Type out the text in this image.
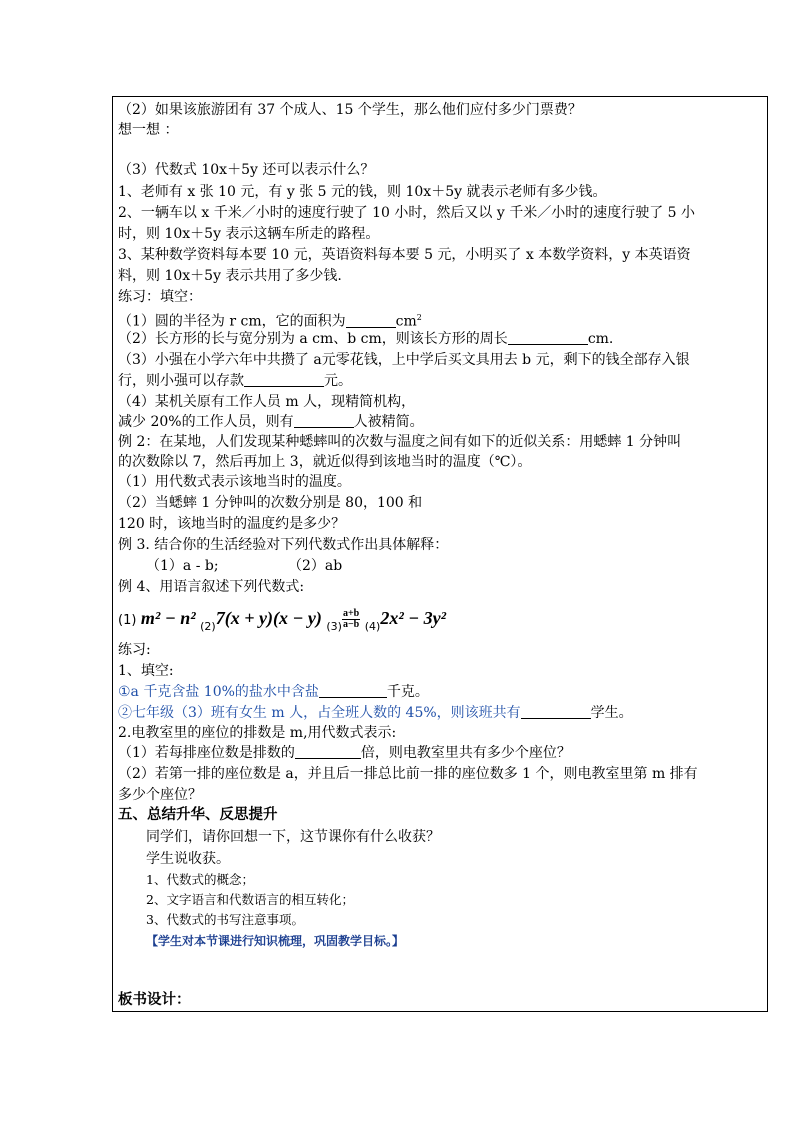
（2）如果该旅游团有 37 个成人、15 个学生，那么他们应付多少门票费？
想一想 ：
（3）代数式 10x＋5y 还可以表示什么？
1、老师有 x 张 10 元，有 y 张 5 元的钱，则 10x＋5y 就表示老师有多少钱。
2、一辆车以 x 千米／小时的速度行驶了 10 小时，然后又以 y 千米／小时的速度行驶了 5 小
时，则 10x＋5y 表示这辆车所走的路程。
3、某种数学资料每本要 10 元，英语资料每本要 5 元，小明买了 x 本数学资料，y 本英语资
料，则 10x＋5y 表示共用了多少钱.
练习：填空：
（1）圆的半径为 r cm，它的面积为	$cm^2$
（2）长方形的长与宽分别为 a cm、b cm，则该长方形的周长	cm.
（3）小强在小学六年中共攒了 a元零花钱，上中学后买文具用去 b 元，剩下的钱全部存入银
行，则小强可以存款	元。
（4）某机关原有工作人员 m 人，现精简机构，
减少 20%的工作人员，则有	人被精简。
例 2：在某地，人们发现某种蟋蟀叫的次数与温度之间有如下的近似关系：用蟋蟀 1 分钟叫
的次数除以 7，然后再加上 3，就近似得到该地当时的温度（℃）。
（1）用代数式表示该地当时的温度。
（2）当蟋蟀 1 分钟叫的次数分别是 80，100 和
120 时，该地当时的温度约是多少？
例 3. 结合你的生活经验对下列代数式作出具体解释：
（1）a - b;	（2）ab
例 4、用语言叙述下列代数式:
(1) m² − n² $_{(2)}$7(x + y)(x − y) $_{(3)} \frac{a+b}{a-b} _{(4)}2x^2 - 3y^2$
练习:
1、填空:
①a 千克含盐 10%的盐水中含盐	千克。
②七年级（3）班有女生 m 人，占全班人数的 45%，则该班共有	学生。
2.电教室里的座位的排数是 m,用代数式表示:
（1）若每排座位数是排数的	倍，则电教室里共有多少个座位？
（2）若第一排的座位数是 a，并且后一排总比前一排的座位数多 1 个，则电教室里第 m 排有
多少个座位？
五、总结升华、反思提升
同学们，请你回想一下，这节课你有什么收获？
学生说收获。
1、代数式的概念；
2、文字语言和代数语言的相互转化；
3、代数式的书写注意事项。
【学生对本节课进行知识梳理，巩固教学目标。】
板书设计：
